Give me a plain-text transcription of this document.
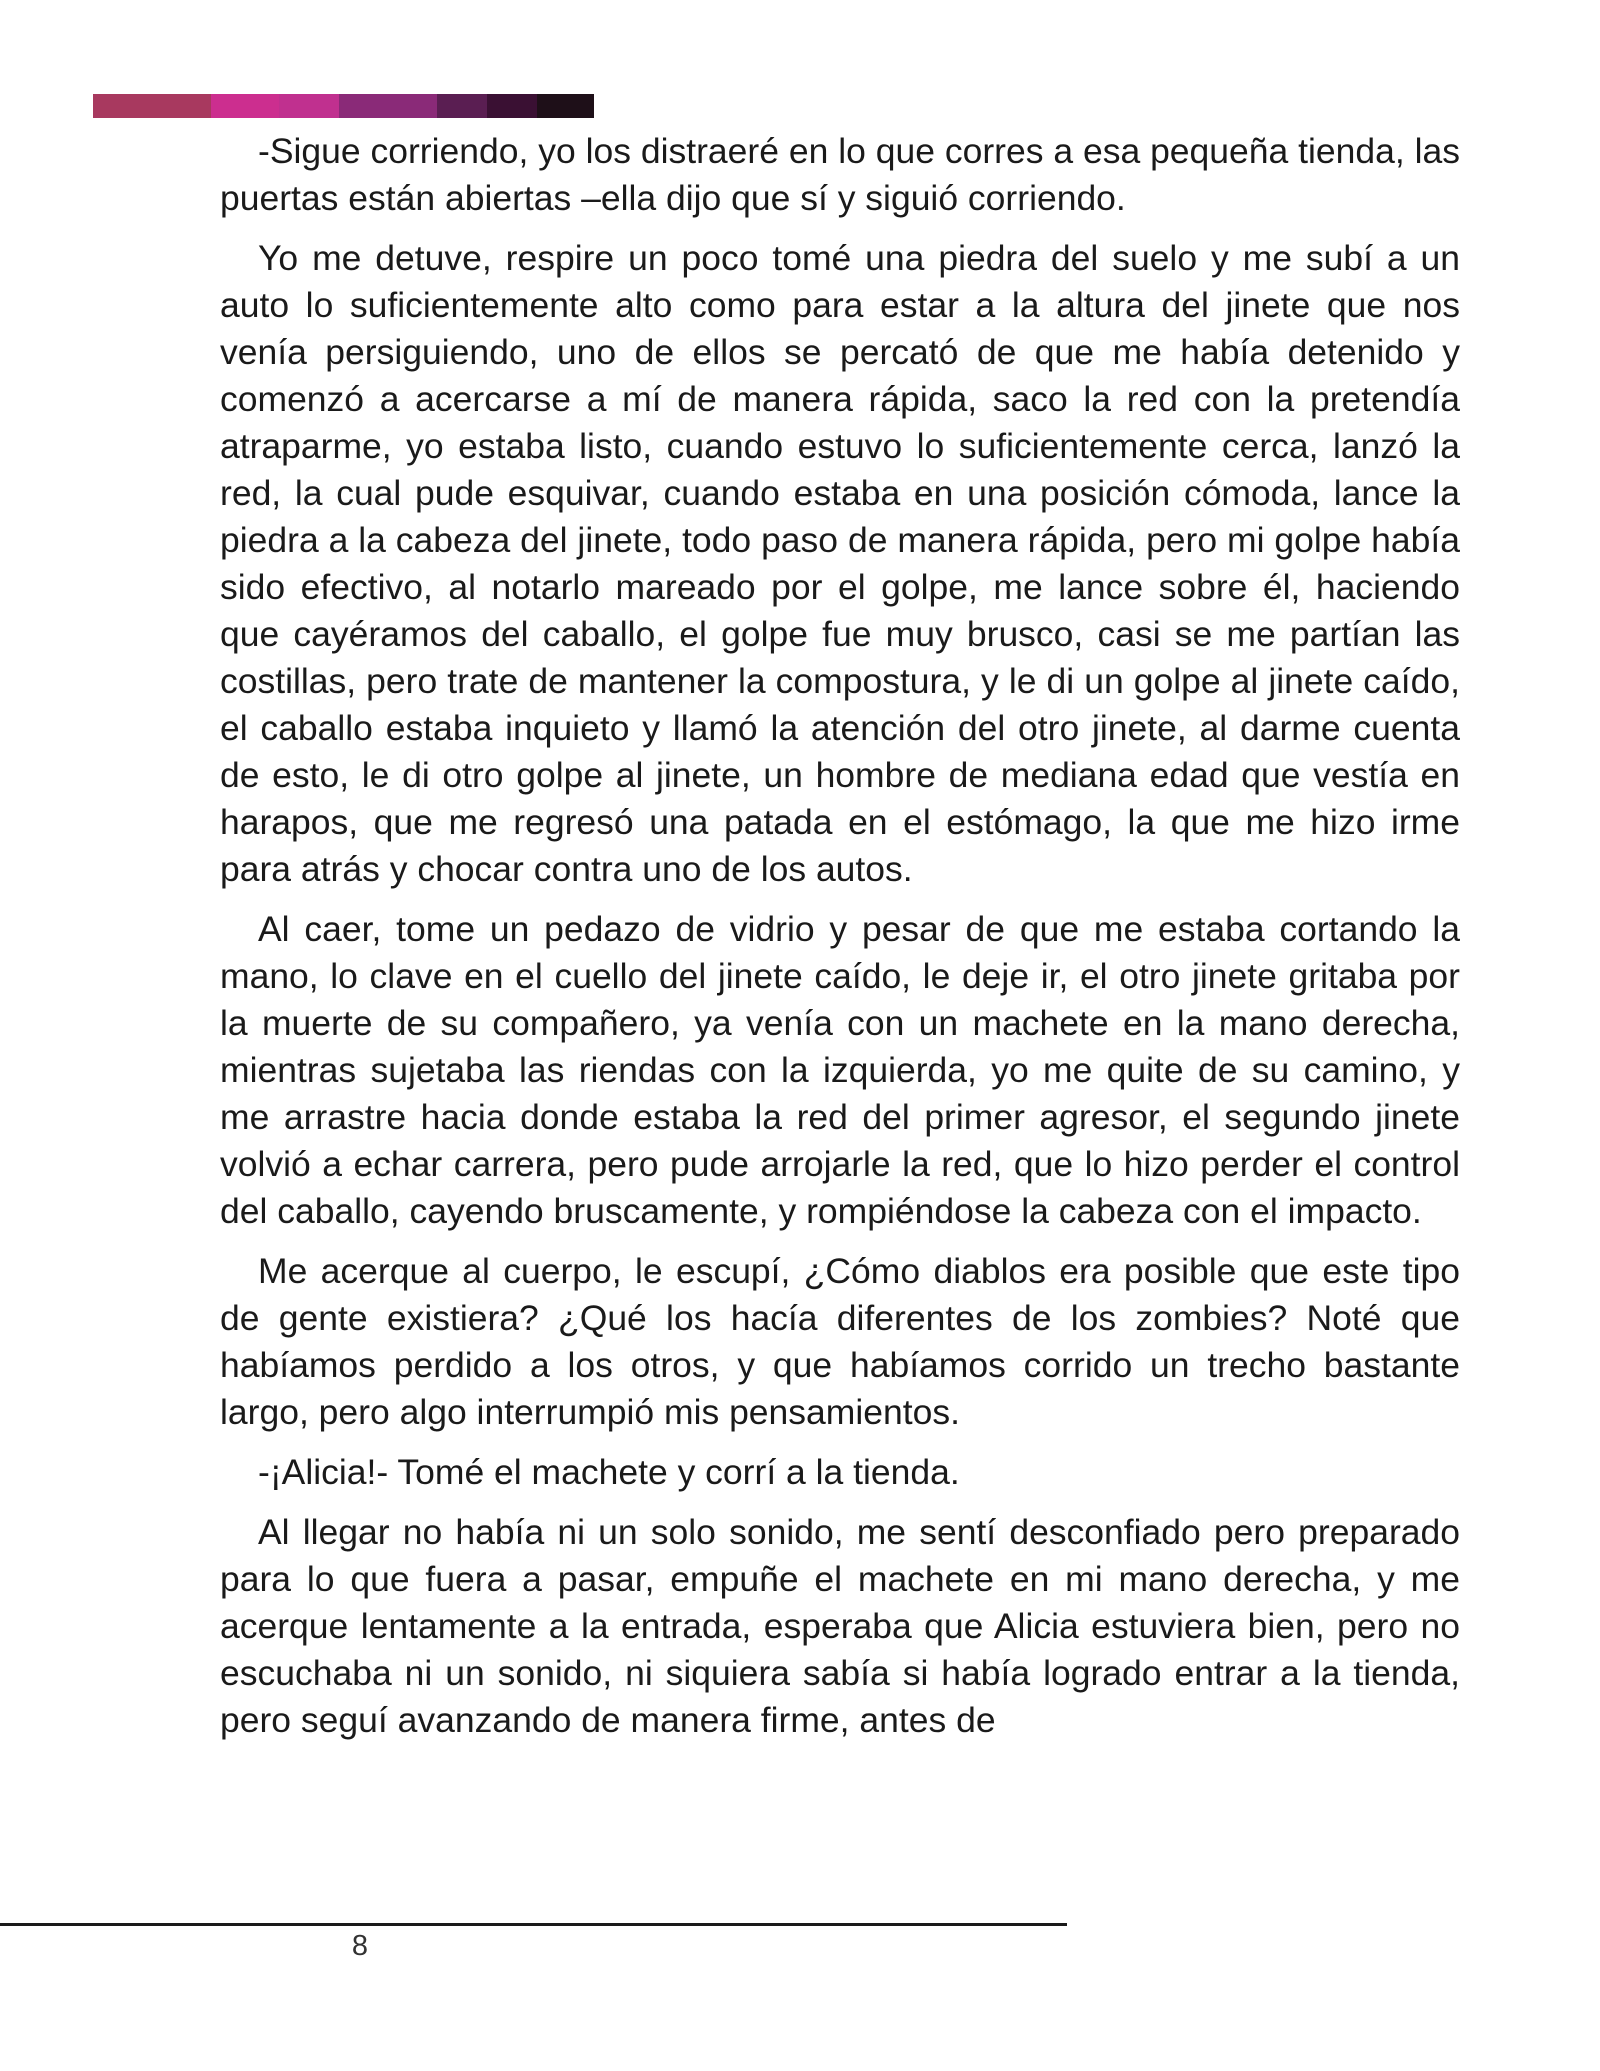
-Sigue corriendo, yo los distraeré en lo que corres a esa pequeña tienda, las puertas están abiertas –ella dijo que sí y siguió corriendo.

Yo me detuve, respire un poco tomé una piedra del suelo y me subí a un auto lo suficientemente alto como para estar a la altura del jinete que nos venía persiguiendo, uno de ellos se percató de que me había detenido y comenzó a acercarse a mí de manera rápida, saco la red con la pretendía atraparme, yo estaba listo, cuando estuvo lo suficientemente cerca, lanzó la red, la cual pude esquivar, cuando estaba en una posición cómoda, lance la piedra a la cabeza del jinete, todo paso de manera rápida, pero mi golpe había sido efectivo, al notarlo mareado por el golpe, me lance sobre él, haciendo que cayéramos del caballo, el golpe fue muy brusco, casi se me partían las costillas, pero trate de mantener la compostura, y le di un golpe al jinete caído, el caballo estaba inquieto y llamó la atención del otro jinete, al darme cuenta de esto, le di otro golpe al jinete, un hombre de mediana edad que vestía en harapos, que me regresó una patada en el estómago, la que me hizo irme para atrás y chocar contra uno de los autos.

Al caer, tome un pedazo de vidrio y pesar de que me estaba cortando la mano, lo clave en el cuello del jinete caído, le deje ir, el otro jinete gritaba por la muerte de su compañero, ya venía con un machete en la mano derecha, mientras sujetaba las riendas con la izquierda, yo me quite de su camino, y me arrastre hacia donde estaba la red del primer agresor, el segundo jinete volvió a echar carrera, pero pude arrojarle la red, que lo hizo perder el control del caballo, cayendo bruscamente, y rompiéndose la cabeza con el impacto.

Me acerque al cuerpo, le escupí, ¿Cómo diablos era posible que este tipo de gente existiera? ¿Qué los hacía diferentes de los zombies? Noté que habíamos perdido a los otros, y que habíamos corrido un trecho bastante largo, pero algo interrumpió mis pensamientos.

-¡Alicia!- Tomé el machete y corrí a la tienda.

Al llegar no había ni un solo sonido, me sentí desconfiado pero preparado para lo que fuera a pasar, empuñe el machete en mi mano derecha, y me acerque lentamente a la entrada, esperaba que Alicia estuviera bien, pero no escuchaba ni un sonido, ni siquiera sabía si había logrado entrar a la tienda, pero seguí avanzando de manera firme, antes de

8
